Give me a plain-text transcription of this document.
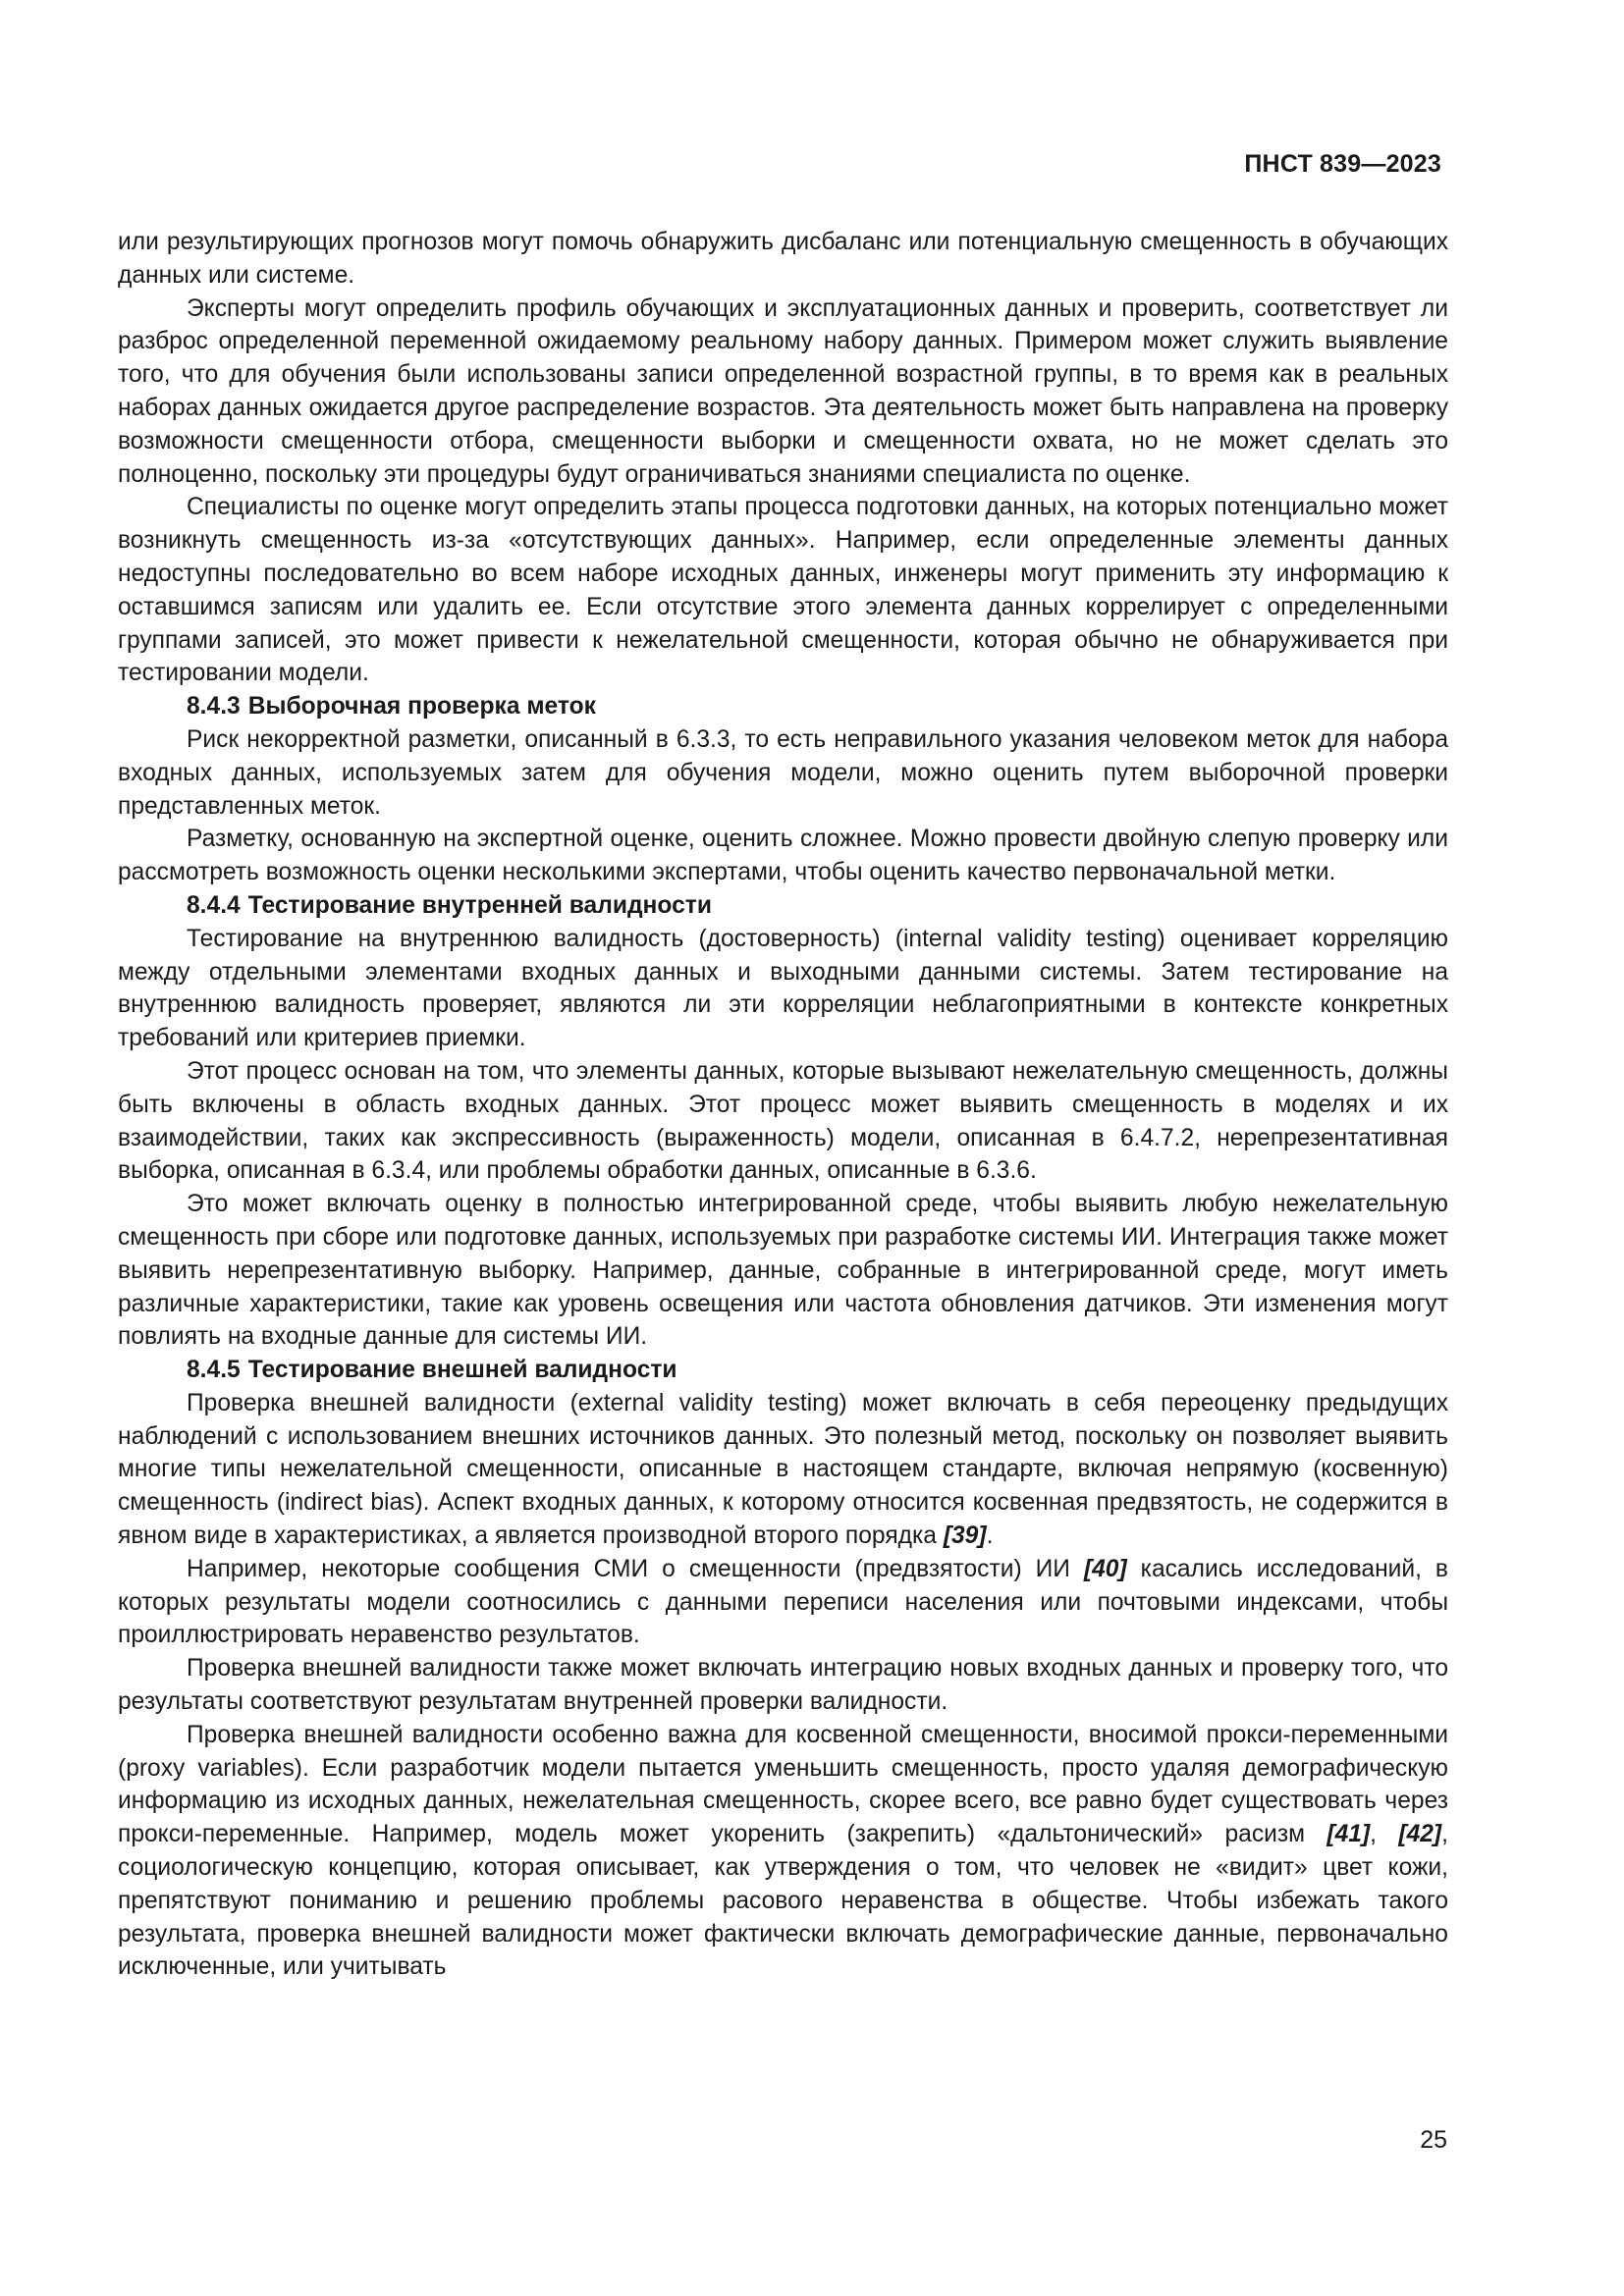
ПНСТ 839—2023

или результирующих прогнозов могут помочь обнаружить дисбаланс или потенциальную смещенность в обучающих данных или системе.

Эксперты могут определить профиль обучающих и эксплуатационных данных и проверить, соответствует ли разброс определенной переменной ожидаемому реальному набору данных. Примером может служить выявление того, что для обучения были использованы записи определенной возрастной группы, в то время как в реальных наборах данных ожидается другое распределение возрастов. Эта деятельность может быть направлена на проверку возможности смещенности отбора, смещенности выборки и смещенности охвата, но не может сделать это полноценно, поскольку эти процедуры будут ограничиваться знаниями специалиста по оценке.

Специалисты по оценке могут определить этапы процесса подготовки данных, на которых потенциально может возникнуть смещенность из-за «отсутствующих данных». Например, если определенные элементы данных недоступны последовательно во всем наборе исходных данных, инженеры могут применить эту информацию к оставшимся записям или удалить ее. Если отсутствие этого элемента данных коррелирует с определенными группами записей, это может привести к нежелательной смещенности, которая обычно не обнаруживается при тестировании модели.

8.4.3 Выборочная проверка меток

Риск некорректной разметки, описанный в 6.3.3, то есть неправильного указания человеком меток для набора входных данных, используемых затем для обучения модели, можно оценить путем выборочной проверки представленных меток.

Разметку, основанную на экспертной оценке, оценить сложнее. Можно провести двойную слепую проверку или рассмотреть возможность оценки несколькими экспертами, чтобы оценить качество первоначальной метки.

8.4.4 Тестирование внутренней валидности

Тестирование на внутреннюю валидность (достоверность) (internal validity testing) оценивает корреляцию между отдельными элементами входных данных и выходными данными системы. Затем тестирование на внутреннюю валидность проверяет, являются ли эти корреляции неблагоприятными в контексте конкретных требований или критериев приемки.

Этот процесс основан на том, что элементы данных, которые вызывают нежелательную смещенность, должны быть включены в область входных данных. Этот процесс может выявить смещенность в моделях и их взаимодействии, таких как экспрессивность (выраженность) модели, описанная в 6.4.7.2, нерепрезентативная выборка, описанная в 6.3.4, или проблемы обработки данных, описанные в 6.3.6.

Это может включать оценку в полностью интегрированной среде, чтобы выявить любую нежелательную смещенность при сборе или подготовке данных, используемых при разработке системы ИИ. Интеграция также может выявить нерепрезентативную выборку. Например, данные, собранные в интегрированной среде, могут иметь различные характеристики, такие как уровень освещения или частота обновления датчиков. Эти изменения могут повлиять на входные данные для системы ИИ.

8.4.5 Тестирование внешней валидности

Проверка внешней валидности (external validity testing) может включать в себя переоценку предыдущих наблюдений с использованием внешних источников данных. Это полезный метод, поскольку он позволяет выявить многие типы нежелательной смещенности, описанные в настоящем стандарте, включая непрямую (косвенную) смещенность (indirect bias). Аспект входных данных, к которому относится косвенная предвзятость, не содержится в явном виде в характеристиках, а является производной второго порядка [39].

Например, некоторые сообщения СМИ о смещенности (предвзятости) ИИ [40] касались исследований, в которых результаты модели соотносились с данными переписи населения или почтовыми индексами, чтобы проиллюстрировать неравенство результатов.

Проверка внешней валидности также может включать интеграцию новых входных данных и проверку того, что результаты соответствуют результатам внутренней проверки валидности.

Проверка внешней валидности особенно важна для косвенной смещенности, вносимой прокси-переменными (proxy variables). Если разработчик модели пытается уменьшить смещенность, просто удаляя демографическую информацию из исходных данных, нежелательная смещенность, скорее всего, все равно будет существовать через прокси-переменные. Например, модель может укоренить (закрепить) «дальтонический» расизм [41], [42], социологическую концепцию, которая описывает, как утверждения о том, что человек не «видит» цвет кожи, препятствуют пониманию и решению проблемы расового неравенства в обществе. Чтобы избежать такого результата, проверка внешней валидности может фактически включать демографические данные, первоначально исключенные, или учитывать

25
